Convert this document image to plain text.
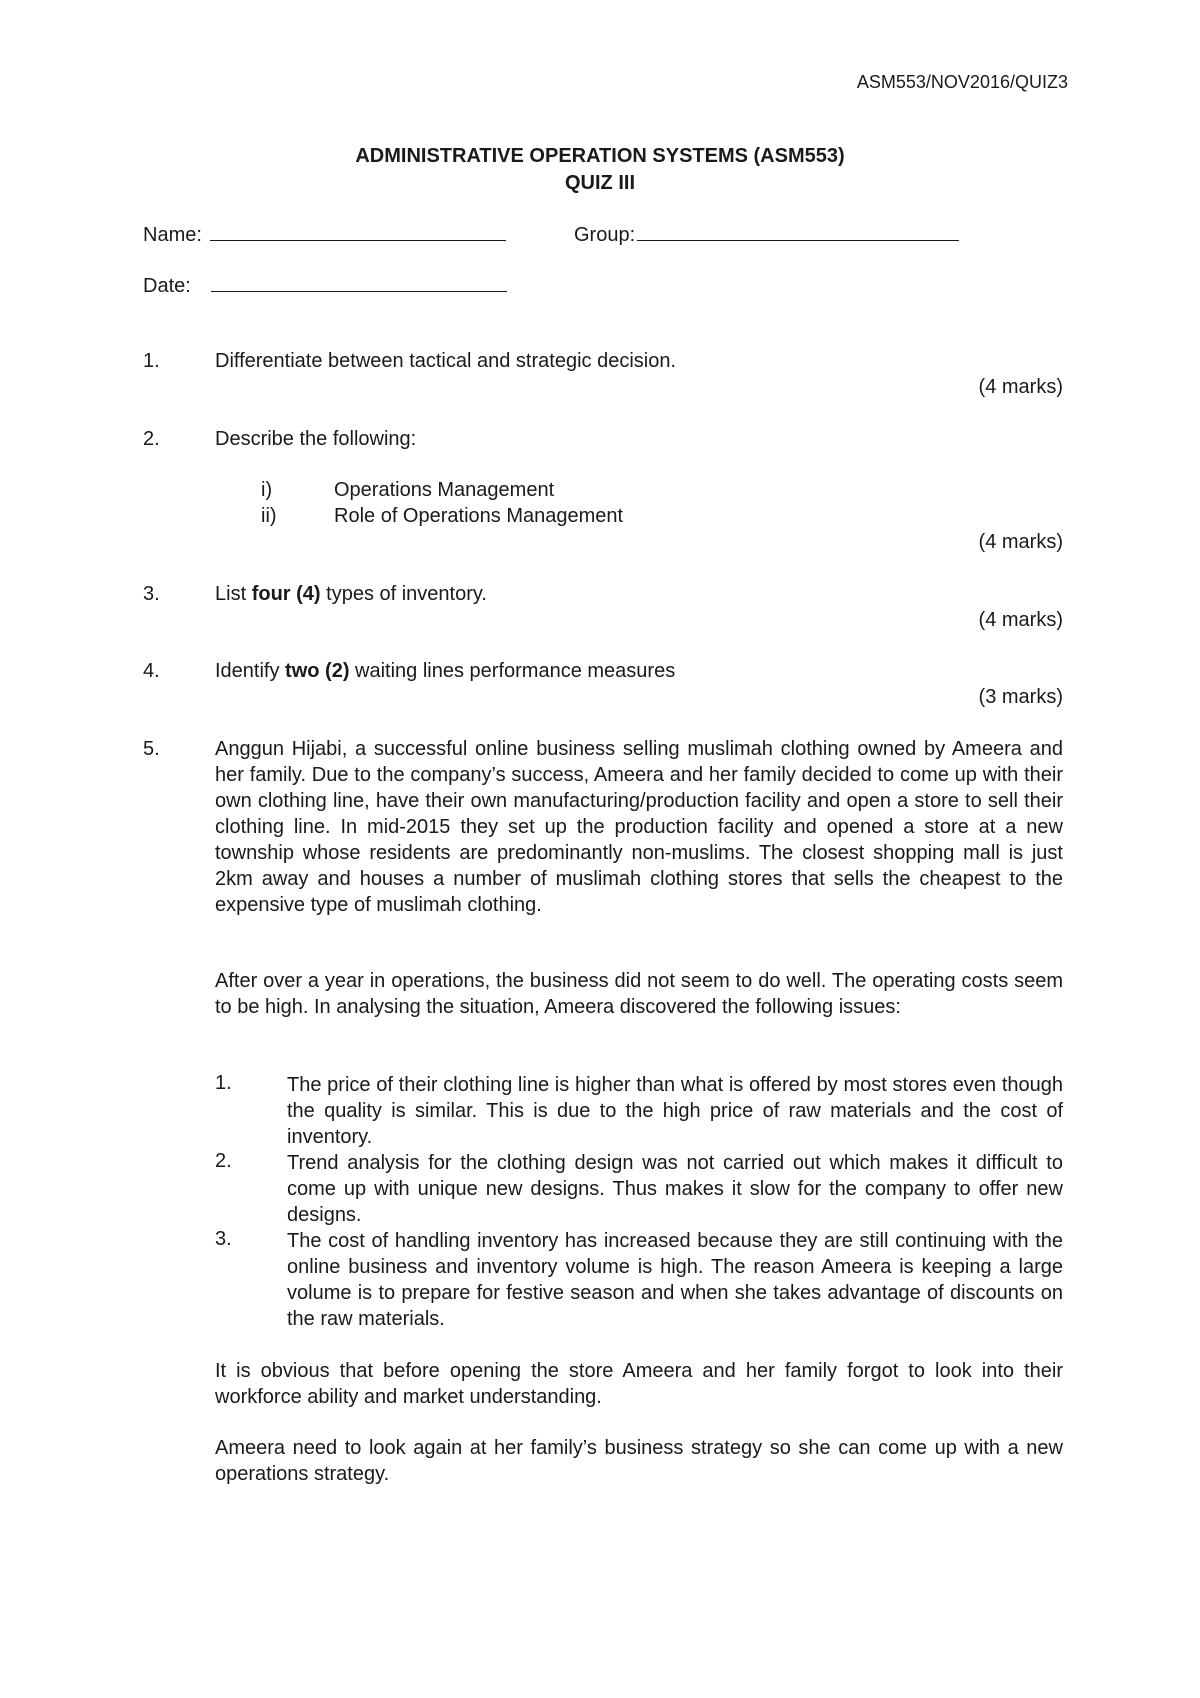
ASM553/NOV2016/QUIZ3
ADMINISTRATIVE OPERATION SYSTEMS (ASM553)
QUIZ III
Name:	Group:
Date:
1.	Differentiate between tactical and strategic decision.
(4 marks)
2.	Describe the following:
i)	Operations Management
ii)	Role of Operations Management
(4 marks)
3.	List four (4) types of inventory.
(4 marks)
4.	Identify two (2) waiting lines performance measures
(3 marks)
5.	Anggun Hijabi, a successful online business selling muslimah clothing owned by Ameera and her family. Due to the company’s success, Ameera and her family decided to come up with their own clothing line, have their own manufacturing/production facility and open a store to sell their clothing line. In mid-2015 they set up the production facility and opened a store at a new township whose residents are predominantly non-muslims. The closest shopping mall is just 2km away and houses a number of muslimah clothing stores that sells the cheapest to the expensive type of muslimah clothing.
After over a year in operations, the business did not seem to do well. The operating costs seem to be high. In analysing the situation, Ameera discovered the following issues:
1.	The price of their clothing line is higher than what is offered by most stores even though the quality is similar. This is due to the high price of raw materials and the cost of inventory.
2.	Trend analysis for the clothing design was not carried out which makes it difficult to come up with unique new designs. Thus makes it slow for the company to offer new designs.
3.	The cost of handling inventory has increased because they are still continuing with the online business and inventory volume is high. The reason Ameera is keeping a large volume is to prepare for festive season and when she takes advantage of discounts on the raw materials.
It is obvious that before opening the store Ameera and her family forgot to look into their workforce ability and market understanding.
Ameera need to look again at her family’s business strategy so she can come up with a new operations strategy.
